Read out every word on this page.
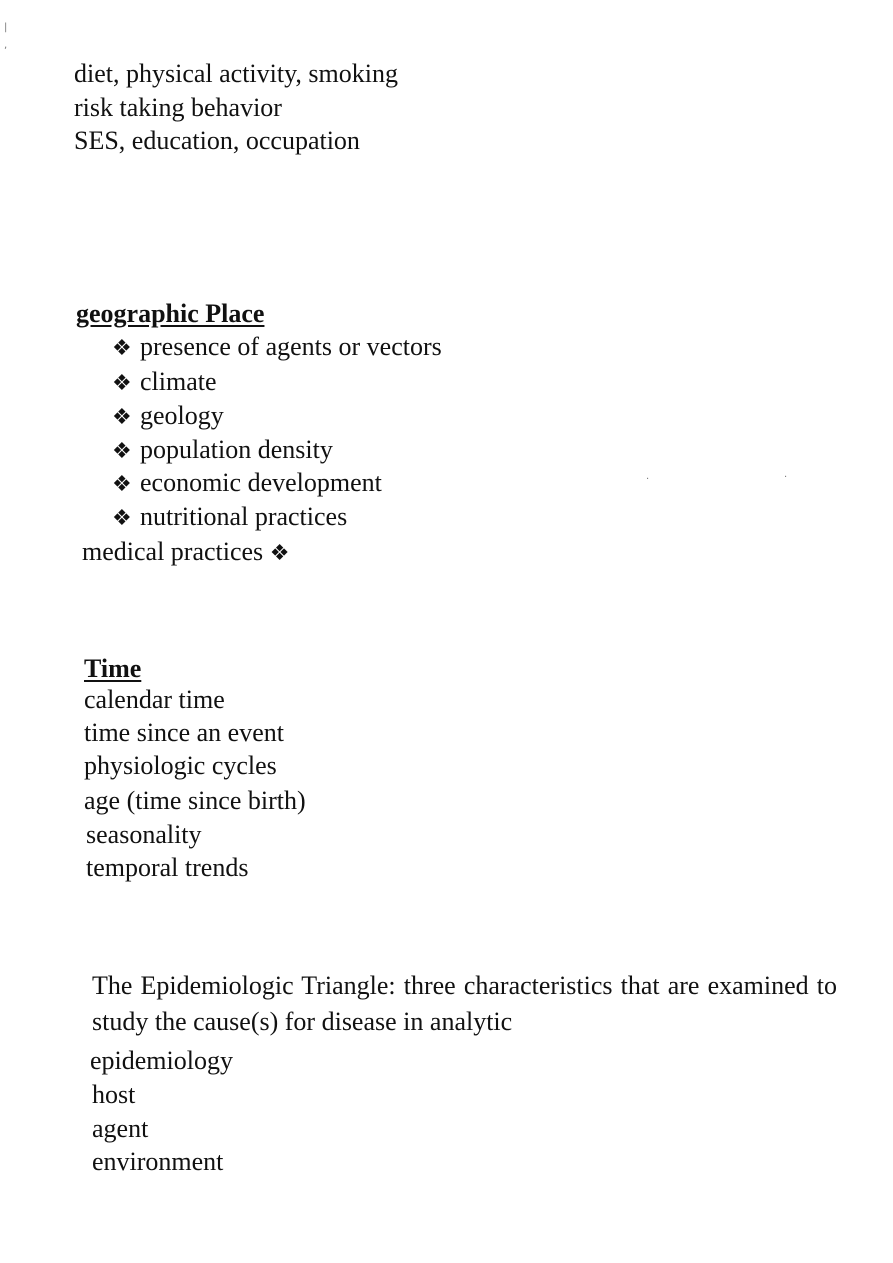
|
,
diet, physical activity, smoking
risk taking behavior
SES, education, occupation
geographic Place
❖ presence of agents or vectors
❖ climate
❖ geology
❖ population density
❖ economic development
❖ nutritional practices
medical practices ❖
·	·
Time
calendar time
time since an event
physiologic cycles
age (time since birth)
seasonality
temporal trends
The Epidemiologic Triangle: three characteristics that are examined to study the cause(s) for disease in analytic
epidemiology
host
agent
environment
